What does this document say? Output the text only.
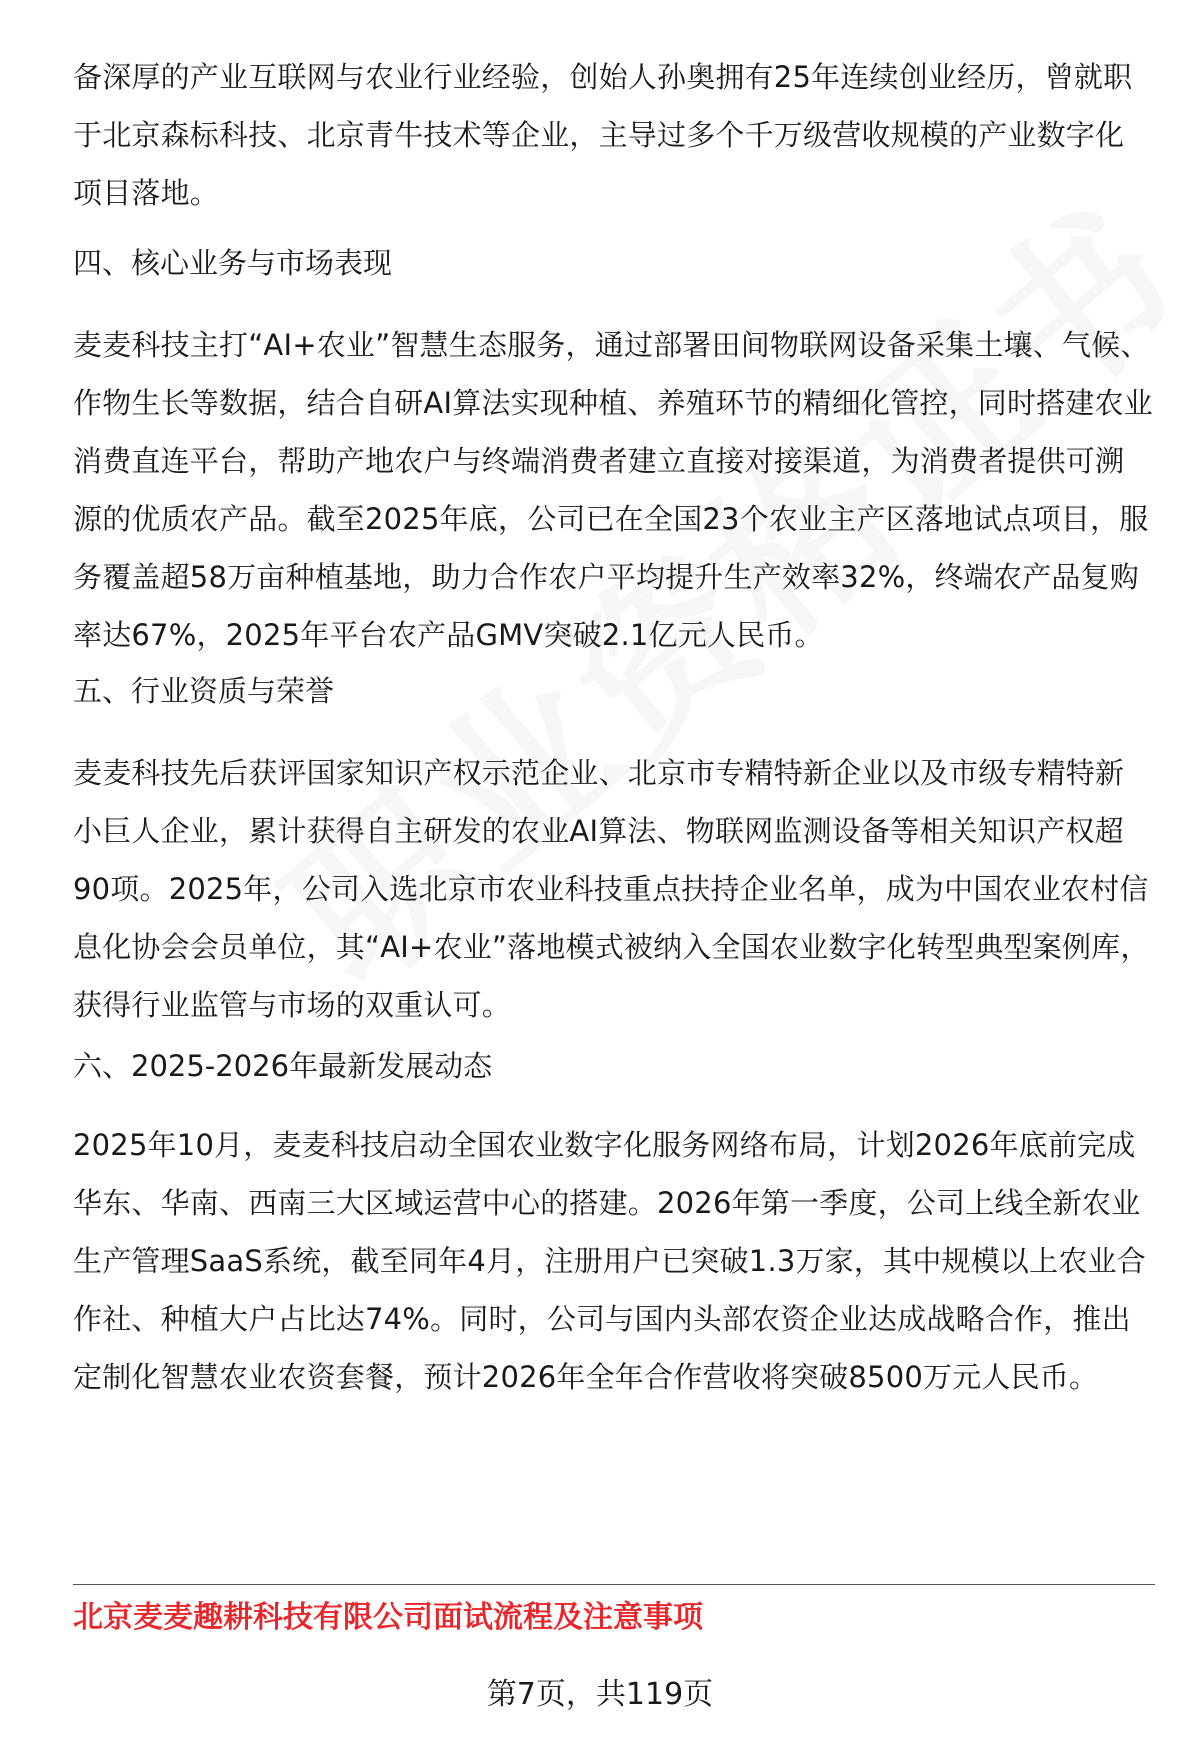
备深厚的产业互联网与农业行业经验，创始人孙奥拥有25年连续创业经历，曾就职于北京森标科技、北京青牛技术等企业，主导过多个千万级营收规模的产业数字化项目落地。

四、核心业务与市场表现

麦麦科技主打“AI+农业”智慧生态服务，通过部署田间物联网设备采集土壤、气候、作物生长等数据，结合自研AI算法实现种植、养殖环节的精细化管控，同时搭建农业消费直连平台，帮助产地农户与终端消费者建立直接对接渠道，为消费者提供可溯源的优质农产品。截至2025年底，公司已在全国23个农业主产区落地试点项目，服务覆盖超58万亩种植基地，助力合作农户平均提升生产效率32%，终端农产品复购率达67%，2025年平台农产品GMV突破2.1亿元人民币。

五、行业资质与荣誉

麦麦科技先后获评国家知识产权示范企业、北京市专精特新企业以及市级专精特新小巨人企业，累计获得自主研发的农业AI算法、物联网监测设备等相关知识产权超90项。2025年，公司入选北京市农业科技重点扶持企业名单，成为中国农业农村信息化协会会员单位，其“AI+农业”落地模式被纳入全国农业数字化转型典型案例库，获得行业监管与市场的双重认可。

六、2025-2026年最新发展动态

2025年10月，麦麦科技启动全国农业数字化服务网络布局，计划2026年底前完成华东、华南、西南三大区域运营中心的搭建。2026年第一季度，公司上线全新农业生产管理SaaS系统，截至同年4月，注册用户已突破1.3万家，其中规模以上农业合作社、种植大户占比达74%。同时，公司与国内头部农资企业达成战略合作，推出定制化智慧农业农资套餐，预计2026年全年合作营收将突破8500万元人民币。

北京麦麦趣耕科技有限公司面试流程及注意事项
第7页，共119页
